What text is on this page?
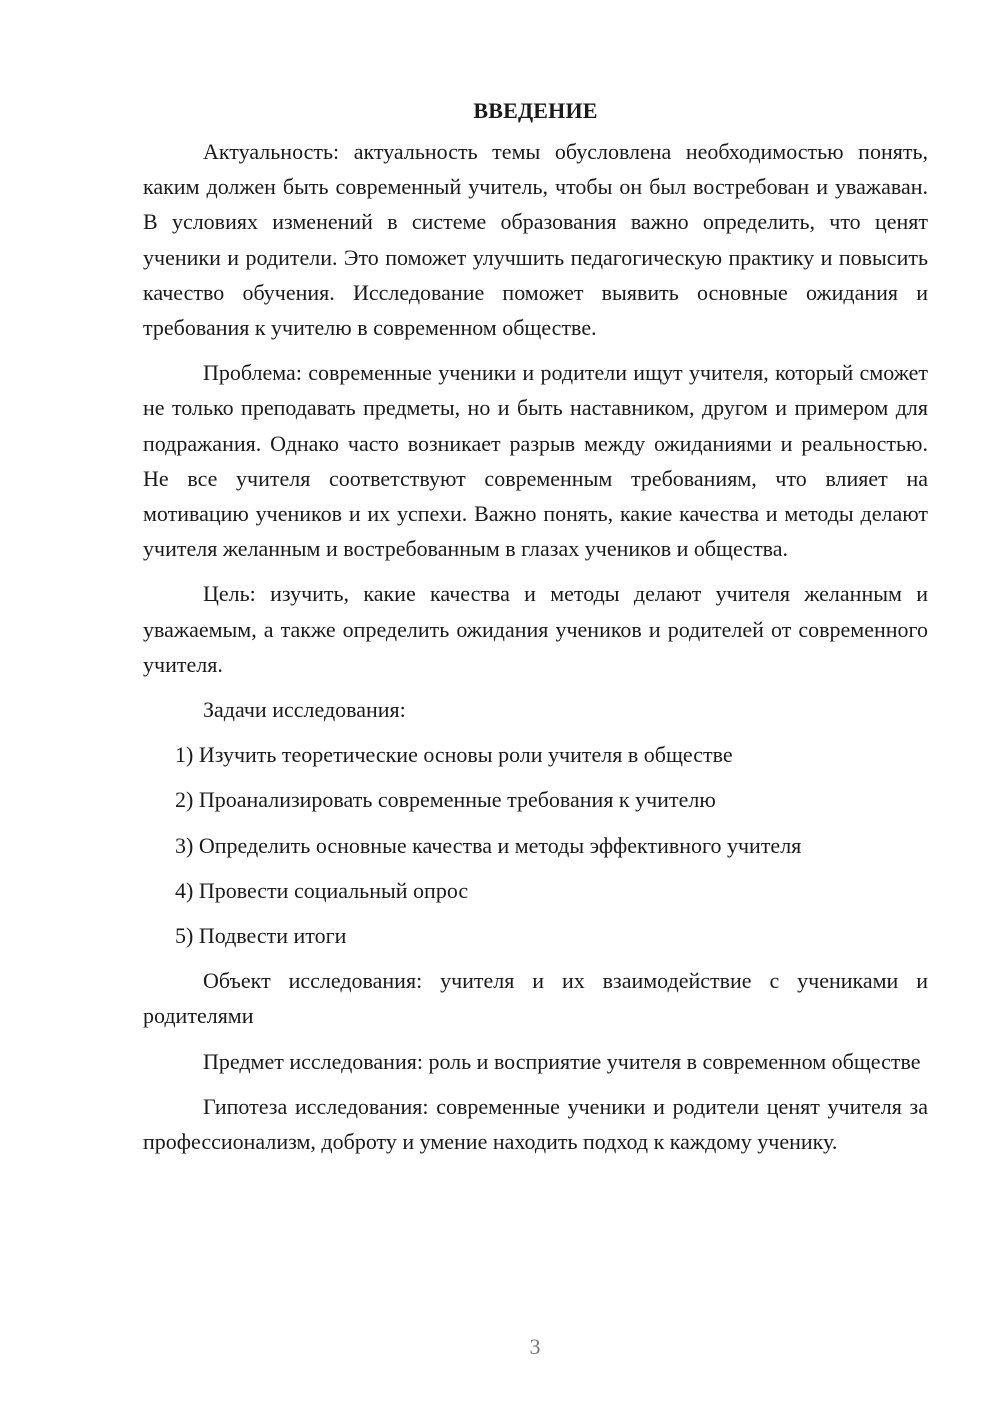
ВВЕДЕНИЕ

Актуальность: актуальность темы обусловлена необходимостью понять, каким должен быть современный учитель, чтобы он был востребован и уважаван. В условиях изменений в системе образования важно определить, что ценят ученики и родители. Это поможет улучшить педагогическую практику и повысить качество обучения. Исследование поможет выявить основные ожидания и требования к учителю в современном обществе.

Проблема: современные ученики и родители ищут учителя, который сможет не только преподавать предметы, но и быть наставником, другом и примером для подражания. Однако часто возникает разрыв между ожиданиями и реальностью. Не все учителя соответствуют современным требованиям, что влияет на мотивацию учеников и их успехи. Важно понять, какие качества и методы делают учителя желанным и востребованным в глазах учеников и общества.

Цель: изучить, какие качества и методы делают учителя желанным и уважаемым, а также определить ожидания учеников и родителей от современного учителя.

Задачи исследования:
1) Изучить теоретические основы роли учителя в обществе
2) Проанализировать современные требования к учителю
3) Определить основные качества и методы эффективного учителя
4) Провести социальный опрос
5) Подвести итоги

Объект исследования: учителя и их взаимодействие с учениками и родителями

Предмет исследования: роль и восприятие учителя в современном обществе

Гипотеза исследования: современные ученики и родители ценят учителя за профессионализм, доброту и умение находить подход к каждому ученику.

3
